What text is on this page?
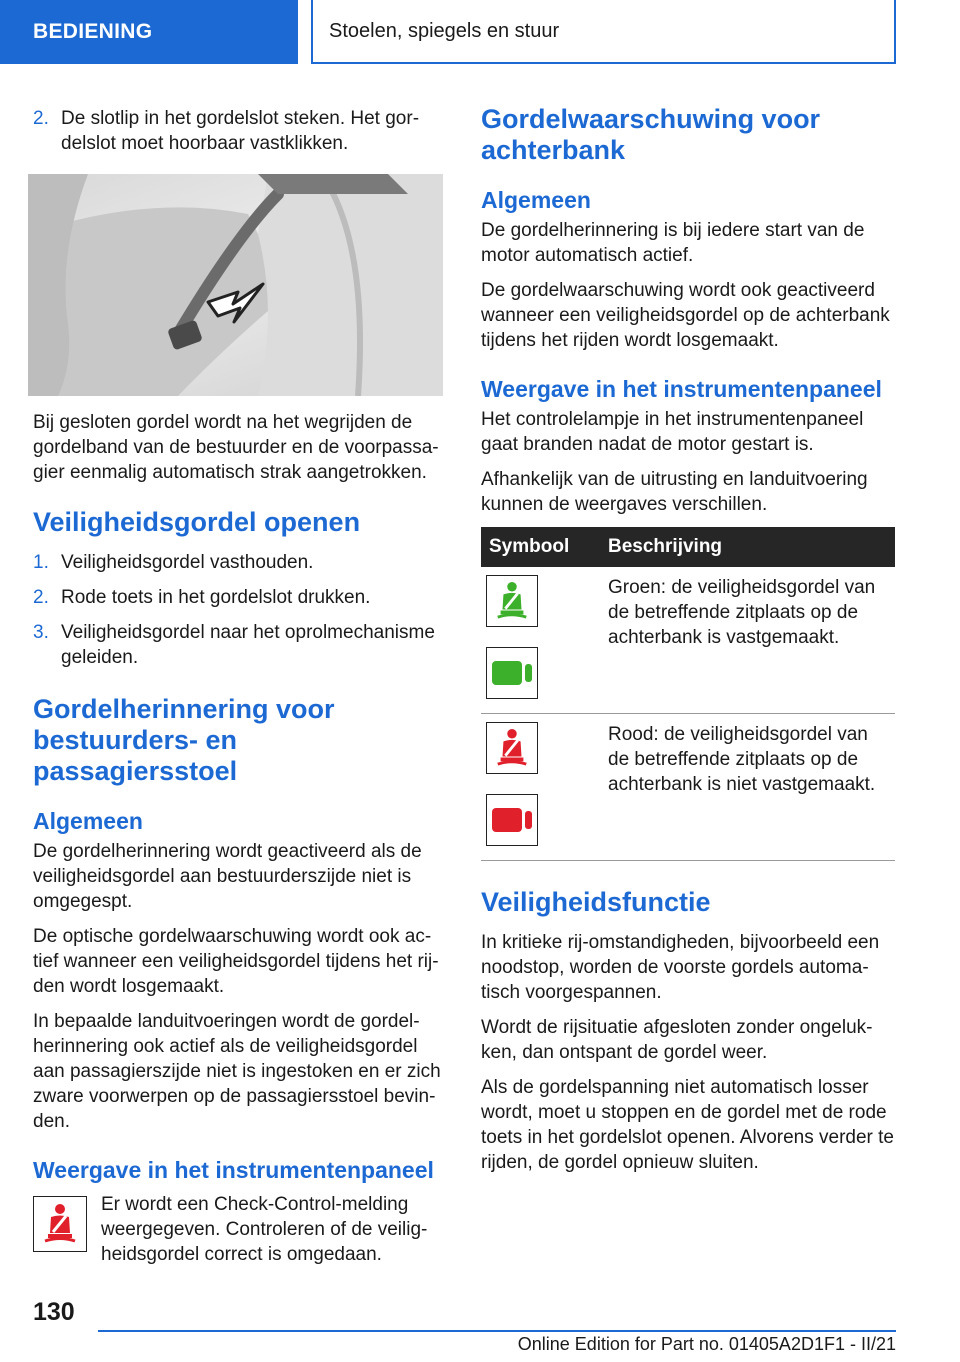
BEDIENING	Stoelen, spiegels en stuur
2. De slotlip in het gordelslot steken. Het gordelslot moet hoorbaar vastklikken.

Bij gesloten gordel wordt na het wegrijden de gordelband van de bestuurder en de voorpassagier eenmalig automatisch strak aangetrokken.

Veiligheidsgordel openen
1. Veiligheidsgordel vasthouden.
2. Rode toets in het gordelslot drukken.
3. Veiligheidsgordel naar het oprolmechanisme geleiden.
Gordelherinnering voor bestuurders- en passagiersstoel
Algemeen

De gordelherinnering wordt geactiveerd als de veiligheidsgordel aan bestuurderszijde niet is omgegespt.

De optische gordelwaarschuwing wordt ook actief wanneer een veiligheidsgordel tijdens het rijden wordt losgemaakt.

In bepaalde landuitvoeringen wordt de gordelherinnering ook actief als de veiligheidsgordel aan passagierszijde niet is ingestoken en er zich zware voorwerpen op de passagiersstoel bevinden.

Weergave in het instrumentenpaneel

Er wordt een Check-Control-melding weergegeven. Controleren of de veiligheidsgordel correct is omgedaan.

Gordelwaarschuwing voor achterbank
Algemeen

De gordelherinnering is bij iedere start van de motor automatisch actief.

De gordelwaarschuwing wordt ook geactiveerd wanneer een veiligheidsgordel op de achterbank tijdens het rijden wordt losgemaakt.

Weergave in het instrumentenpaneel

Het controlelampje in het instrumentenpaneel gaat branden nadat de motor gestart is.

Afhankelijk van de uitrusting en landuitvoering kunnen de weergaves verschillen.

Symbool	Beschrijving

	Groen: de veiligheidsgordel van de betreffende zitplaats op de achterbank is vastgemaakt.

	Rood: de veiligheidsgordel van de betreffende zitplaats op de achterbank is niet vastgemaakt.
Veiligheidsfunctie

In kritieke rij-omstandigheden, bijvoorbeeld een noodstop, worden de voorste gordels automatisch voorgespannen.

Wordt de rijsituatie afgesloten zonder ongelukken, dan ontspant de gordel weer.

Als de gordelspanning niet automatisch losser wordt, moet u stoppen en de gordel met de rode toets in het gordelslot openen. Alvorens verder te rijden, de gordel opnieuw sluiten.

130
Online Edition for Part no. 01405A2D1F1 - II/21
